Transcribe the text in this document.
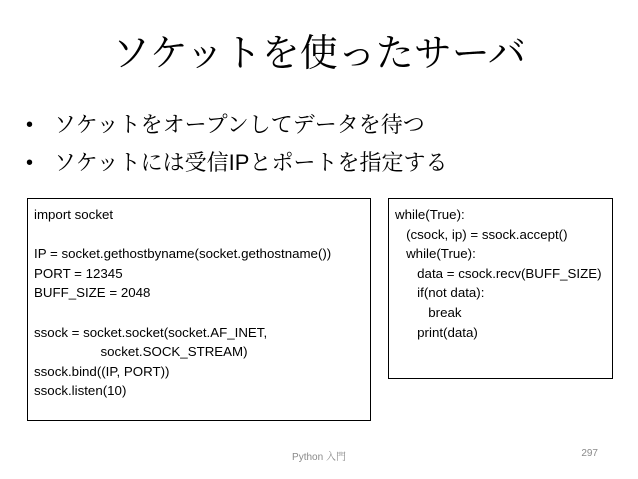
ソケットを使ったサーバ
• ソケットをオープンしてデータを待つ
• ソケットには受信IPとポートを指定する
import socket
IP = socket.gethostbyname(socket.gethostname())
PORT = 12345
BUFF_SIZE = 2048
ssock = socket.socket(socket.AF_INET,
socket.SOCK_STREAM)
ssock.bind((IP, PORT))
ssock.listen(10)
while(True):
(csock, ip) = ssock.accept()
while(True):
data = csock.recv(BUFF_SIZE)
if(not data):
break
print(data)
Python 入門	297
